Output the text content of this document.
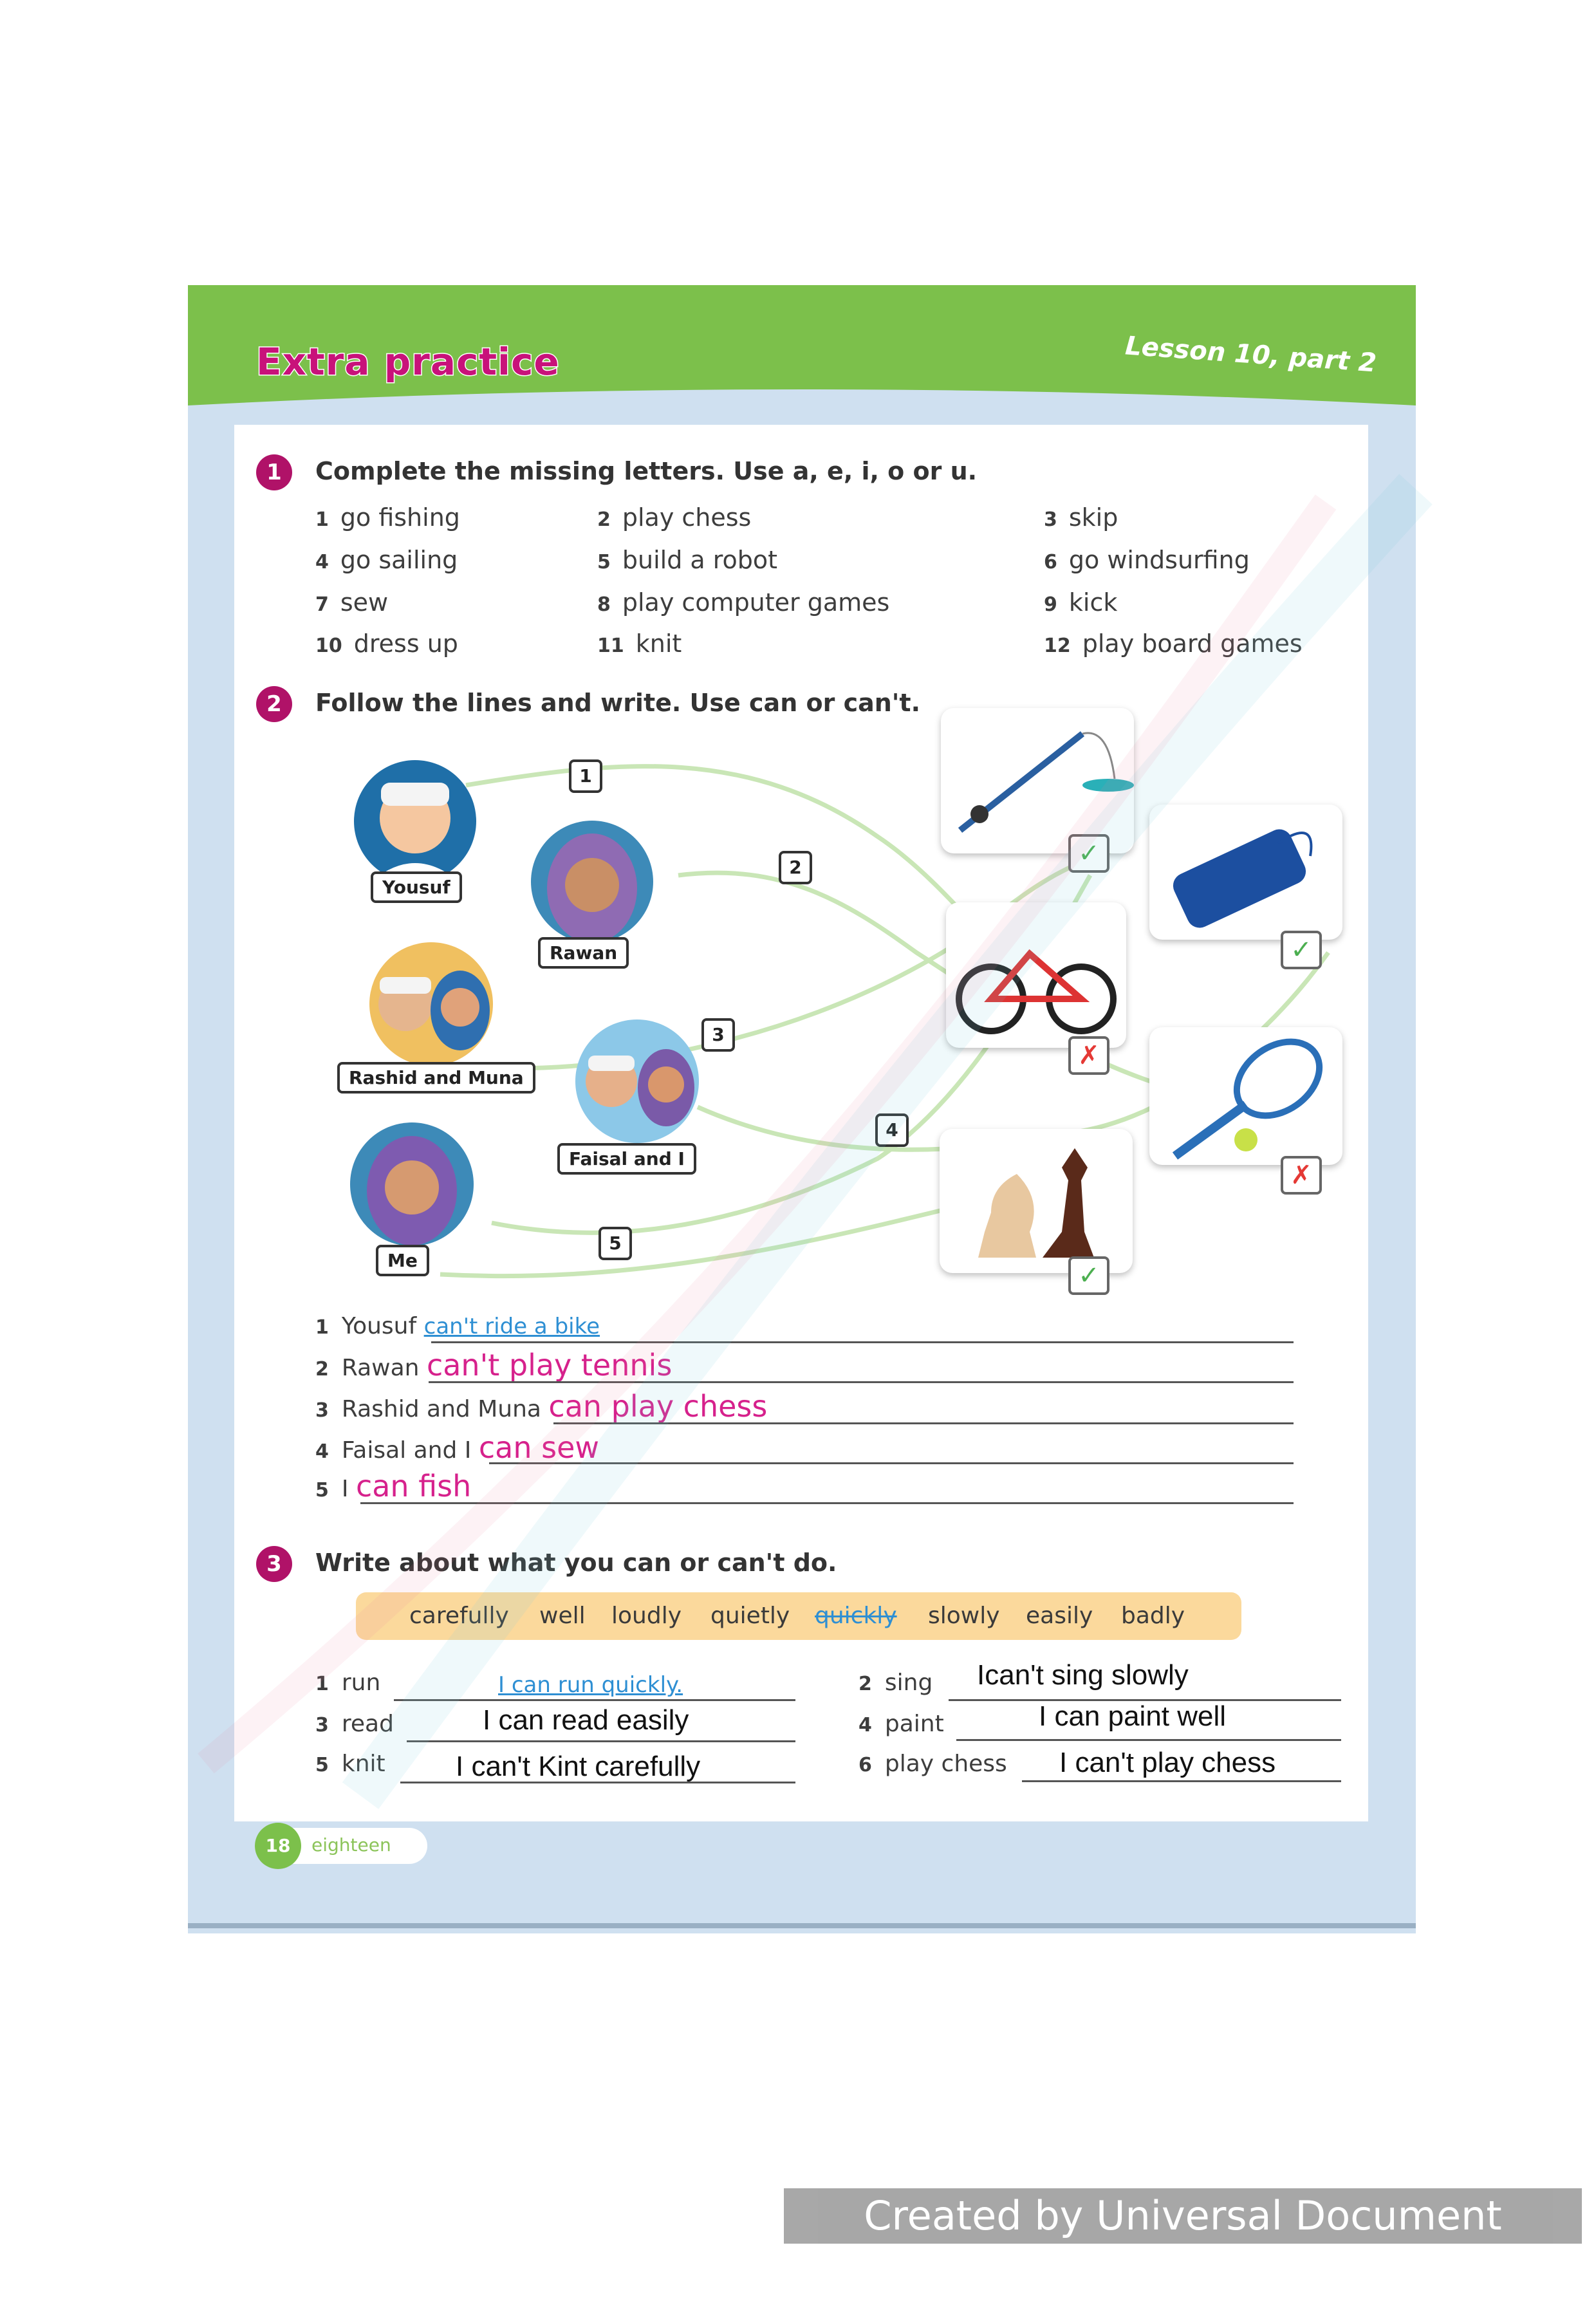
Extra practice	Lesson 10, part 2
1	Complete the missing letters. Use a, e, i, o or u.
1 go fishing	2 play chess	3 skip
4 go sailing	5 build a robot	6 go windsurfing
7 sew	8 play computer games	9 kick
10 dress up	11 knit	12 play board games
2	Follow the lines and write. Use can or can't.
Yousuf
Rawan
Rashid and Muna
Faisal and I
Me
1
2
3
4
5
✓
✓
✗
✗
✓
1 Yousuf can't ride a bike
2 Rawan can't play tennis
3 Rashid and Muna can play chess
4 Faisal and I can sew
5 I can fish
3	Write about what you can or can't do.
carefully well loudly quietly quickly slowly easily badly
1 run	I can run quickly.	2 sing Ican't sing slowly
3 read	I can read easily	4 paint	I can paint well
5 knit I can't Kint carefully	6 play chess I can't play chess
18	eighteen
Created by Universal Document Converter
